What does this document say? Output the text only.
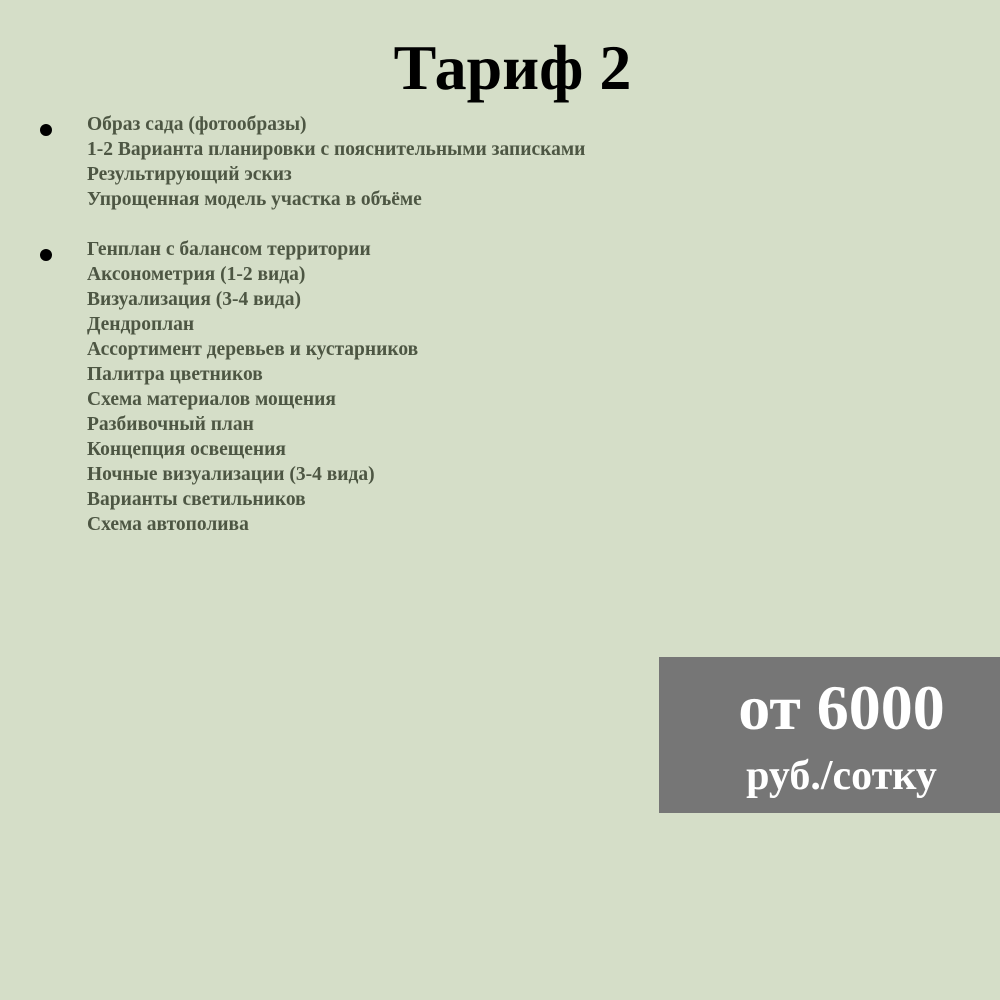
Тариф 2
Образ сада (фотообразы)
1-2 Варианта планировки с пояснительными записками
Результирующий эскиз
Упрощенная модель участка в объёме
Генплан с балансом территории
Аксонометрия (1-2 вида)
Визуализация (3-4 вида)
Дендроплан
Ассортимент деревьев и кустарников
Палитра цветников
Схема материалов мощения
Разбивочный план
Концепция освещения
Ночные визуализации (3-4 вида)
Варианты светильников
Схема автополива
от 6000
руб./сотку
